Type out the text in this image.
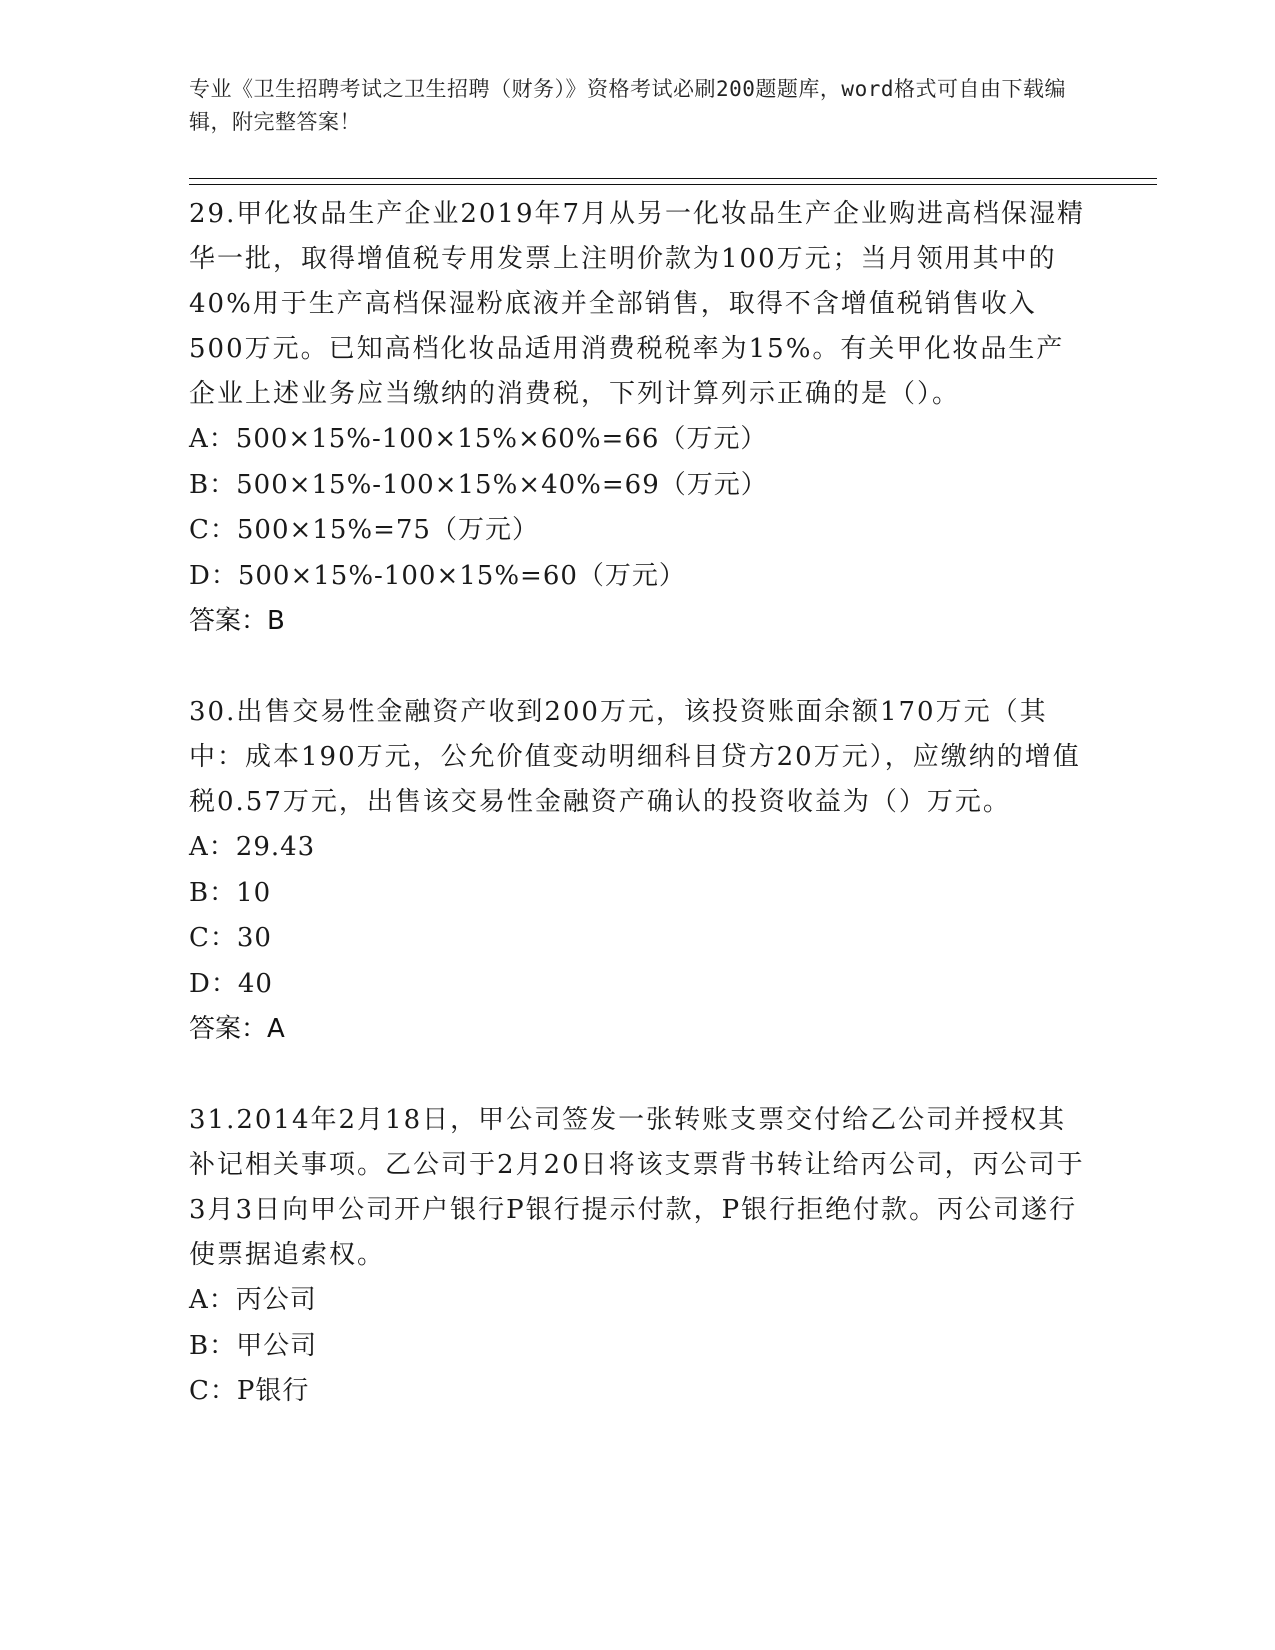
专业《卫生招聘考试之卫生招聘（财务）》资格考试必刷200题题库，word格式可自由下载编辑，附完整答案！

29.甲化妆品生产企业2019年7月从另一化妆品生产企业购进高档保湿精华一批，取得增值税专用发票上注明价款为100万元；当月领用其中的40%用于生产高档保湿粉底液并全部销售，取得不含增值税销售收入500万元。已知高档化妆品适用消费税税率为15%。有关甲化妆品生产企业上述业务应当缴纳的消费税，下列计算列示正确的是（）。

A：500×15%-100×15%×60%=66（万元）

B：500×15%-100×15%×40%=69（万元）

C：500×15%=75（万元）

D：500×15%-100×15%=60（万元）

答案：B

30.出售交易性金融资产收到200万元，该投资账面余额170万元（其中：成本190万元，公允价值变动明细科目贷方20万元），应缴纳的增值税0.57万元，出售该交易性金融资产确认的投资收益为（）万元。

A：29.43

B：10

C：30

D：40

答案：A

31.2014年2月18日，甲公司签发一张转账支票交付给乙公司并授权其补记相关事项。乙公司于2月20日将该支票背书转让给丙公司，丙公司于3月3日向甲公司开户银行P银行提示付款，P银行拒绝付款。丙公司遂行使票据追索权。

A：丙公司

B：甲公司

C：P银行
